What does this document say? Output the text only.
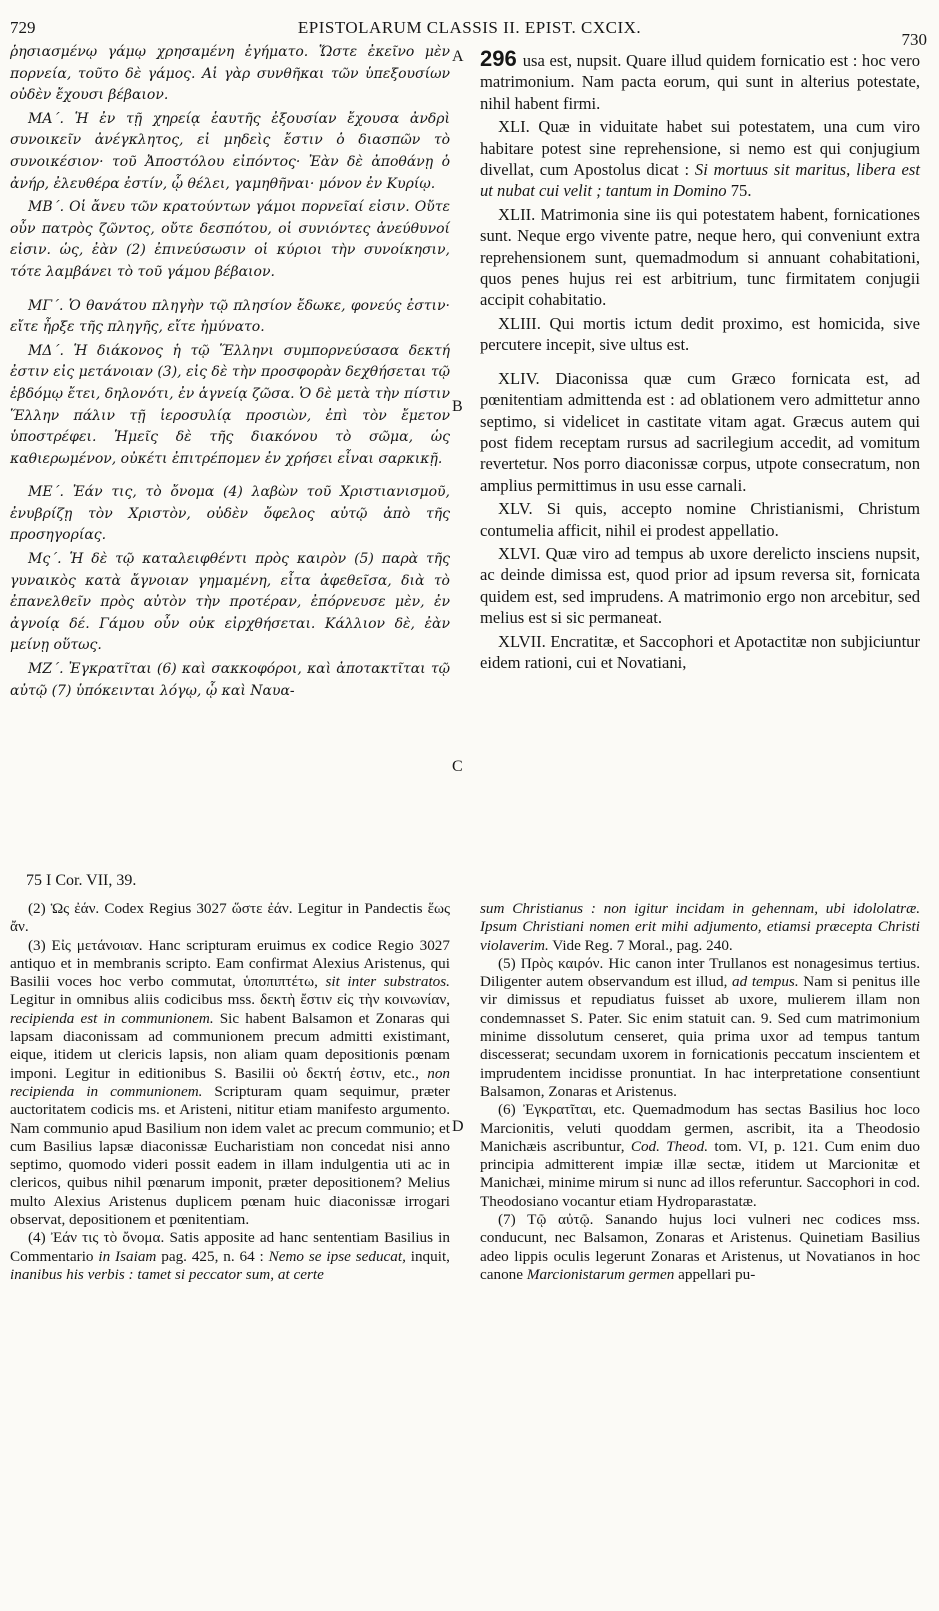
729	EPISTOLARUM CLASSIS II. EPIST. CXCIX.
730
A
B
C
D

ῥησιασμένῳ γάμῳ χρησαμένη ἐγήματο. Ὥστε ἐκεῖνο μὲν πορνεία, τοῦτο δὲ γάμος. Αἱ γὰρ συνθῆκαι τῶν ὑπεξουσίων οὐδὲν ἔχουσι βέβαιον.

ΜΑ΄. Ἡ ἐν τῇ χηρείᾳ ἑαυτῆς ἐξουσίαν ἔχουσα ἀνδρὶ συνοικεῖν ἀνέγκλητος, εἰ μηδεὶς ἔστιν ὁ διασπῶν τὸ συνοικέσιον· τοῦ Ἀποστόλου εἰπόντος· Ἐὰν δὲ ἀποθάνῃ ὁ ἀνήρ, ἐλευθέρα ἐστίν, ᾧ θέλει, γαμηθῆναι· μόνον ἐν Κυρίῳ.

ΜΒ΄. Οἱ ἄνευ τῶν κρατούντων γάμοι πορνεῖαί εἰσιν. Οὔτε οὖν πατρὸς ζῶντος, οὔτε δεσπότου, οἱ συνιόντες ἀνεύθυνοί εἰσιν. ὡς, ἐὰν (2) ἐπινεύσωσιν οἱ κύριοι τὴν συνοίκησιν, τότε λαμβάνει τὸ τοῦ γάμου βέβαιον.

ΜΓ΄. Ὁ θανάτου πληγὴν τῷ πλησίον ἔδωκε, φονεύς ἐστιν· εἴτε ἦρξε τῆς πληγῆς, εἴτε ἠμύνατο.

ΜΔ΄. Ἡ διάκονος ἡ τῷ Ἕλληνι συμπορνεύσασα δεκτή ἐστιν εἰς μετάνοιαν (3), εἰς δὲ τὴν προσφορὰν δεχθήσεται τῷ ἑβδόμῳ ἔτει, δηλονότι, ἐν ἁγνείᾳ ζῶσα. Ὁ δὲ μετὰ τὴν πίστιν Ἕλλην πάλιν τῇ ἱεροσυλίᾳ προσιὼν, ἐπὶ τὸν ἔμετον ὑποστρέφει. Ἡμεῖς δὲ τῆς διακόνου τὸ σῶμα, ὡς καθιερωμένον, οὐκέτι ἐπιτρέπομεν ἐν χρήσει εἶναι σαρκικῇ.

ΜΕ΄. Ἐάν τις, τὸ ὄνομα (4) λαβὼν τοῦ Χριστιανισμοῦ, ἐνυβρίζῃ τὸν Χριστὸν, οὐδὲν ὄφελος αὐτῷ ἀπὸ τῆς προσηγορίας.

Μς΄. Ἡ δὲ τῷ καταλειφθέντι πρὸς καιρὸν (5) παρὰ τῆς γυναικὸς κατὰ ἄγνοιαν γημαμένη, εἶτα ἀφεθεῖσα, διὰ τὸ ἐπανελθεῖν πρὸς αὐτὸν τὴν προτέραν, ἐπόρνευσε μὲν, ἐν ἀγνοίᾳ δέ. Γάμου οὖν οὐκ εἰρχθήσεται. Κάλλιον δὲ, ἐὰν μείνῃ οὕτως.

ΜΖ΄. Ἐγκρατῖται (6) καὶ σακκοφόροι, καὶ ἀποτακτῖται τῷ αὐτῷ (7) ὑπόκεινται λόγῳ, ᾧ καὶ Ναυα-

296 usa est, nupsit. Quare illud quidem fornicatio est : hoc vero matrimonium. Nam pacta eorum, qui sunt in alterius potestate, nihil habent firmi.

XLI. Quæ in viduitate habet sui potestatem, una cum viro habitare potest sine reprehensione, si nemo est qui conjugium divellat, cum Apostolus dicat : Si mortuus sit maritus, libera est ut nubat cui velit ; tantum in Domino 75.

XLII. Matrimonia sine iis qui potestatem habent, fornicationes sunt. Neque ergo vivente patre, neque hero, qui conveniunt extra reprehensionem sunt, quemadmodum si annuant cohabitationi, quos penes hujus rei est arbitrium, tunc firmitatem conjugii accipit cohabitatio.

XLIII. Qui mortis ictum dedit proximo, est homicida, sive percutere incepit, sive ultus est.

XLIV. Diaconissa quæ cum Græco fornicata est, ad pœnitentiam admittenda est : ad oblationem vero admittetur anno septimo, si videlicet in castitate vitam agat. Græcus autem qui post fidem receptam rursus ad sacrilegium accedit, ad vomitum revertetur. Nos porro diaconissæ corpus, utpote consecratum, non amplius permittimus in usu esse carnali.

XLV. Si quis, accepto nomine Christianismi, Christum contumelia afficit, nihil ei prodest appellatio.

XLVI. Quæ viro ad tempus ab uxore derelicto insciens nupsit, ac deinde dimissa est, quod prior ad ipsum reversa sit, fornicata quidem est, sed imprudens. A matrimonio ergo non arcebitur, sed melius est si sic permaneat.

XLVII. Encratitæ, et Saccophori et Apotactitæ non subjiciuntur eidem rationi, cui et Novatiani,

75 I Cor. VII, 39.

(2) Ὡς ἐάν. Codex Regius 3027 ὥστε ἐάν. Legitur in Pandectis ἕως ἄν.

(3) Εἰς μετάνοιαν. Hanc scripturam eruimus ex codice Regio 3027 antiquo et in membranis scripto. Eam confirmat Alexius Aristenus, qui Basilii voces hoc verbo commutat, ὑποπιπτέτω, sit inter substratos. Legitur in omnibus aliis codicibus mss. δεκτὴ ἔστιν εἰς τὴν κοινωνίαν, recipienda est in communionem. Sic habent Balsamon et Zonaras qui lapsam diaconissam ad communionem precum admitti existimant, eique, itidem ut clericis lapsis, non aliam quam depositionis pœnam imponi. Legitur in editionibus S. Basilii οὐ δεκτή ἐστιν, etc., non recipienda in communionem. Scripturam quam sequimur, præter auctoritatem codicis ms. et Aristeni, nititur etiam manifesto argumento. Nam communio apud Basilium non idem valet ac precum communio; et cum Basilius lapsæ diaconissæ Eucharistiam non concedat nisi anno septimo, quomodo videri possit eadem in illam indulgentia uti ac in clericos, quibus nihil pœnarum imponit, præter depositionem? Melius multo Alexius Aristenus duplicem pœnam huic diaconissæ irrogari observat, depositionem et pœnitentiam.

(4) Ἐάν τις τὸ ὄνομα. Satis apposite ad hanc sententiam Basilius in Commentario in Isaiam pag. 425, n. 64 : Nemo se ipse seducat, inquit, inanibus his verbis : tamet si peccator sum, at certe

sum Christianus : non igitur incidam in gehennam, ubi idololatræ. Ipsum Christiani nomen erit mihi adjumento, etiamsi præcepta Christi violaverim. Vide Reg. 7 Moral., pag. 240.

(5) Πρὸς καιρόν. Hic canon inter Trullanos est nonagesimus tertius. Diligenter autem observandum est illud, ad tempus. Nam si penitus ille vir dimissus et repudiatus fuisset ab uxore, mulierem illam non condemnasset S. Pater. Sic enim statuit can. 9. Sed cum matrimonium minime dissolutum censeret, quia prima uxor ad tempus tantum discesserat; secundam uxorem in fornicationis peccatum inscientem et imprudentem incidisse pronuntiat. In hac interpretatione consentiunt Balsamon, Zonaras et Aristenus.

(6) Ἐγκρατῖται, etc. Quemadmodum has sectas Basilius hoc loco Marcionitis, veluti quoddam germen, ascribit, ita a Theodosio Manichæis ascribuntur, Cod. Theod. tom. VI, p. 121. Cum enim duo principia admitterent impiæ illæ sectæ, itidem ut Marcionitæ et Manichæi, minime mirum si nunc ad illos referuntur. Saccophori in cod. Theodosiano vocantur etiam Hydroparastatæ.

(7) Τῷ αὐτῷ. Sanando hujus loci vulneri nec codices mss. conducunt, nec Balsamon, Zonaras et Aristenus. Quinetiam Basilius adeo lippis oculis legerunt Zonaras et Aristenus, ut Novatianos in hoc canone Marcionistarum germen appellari pu-
